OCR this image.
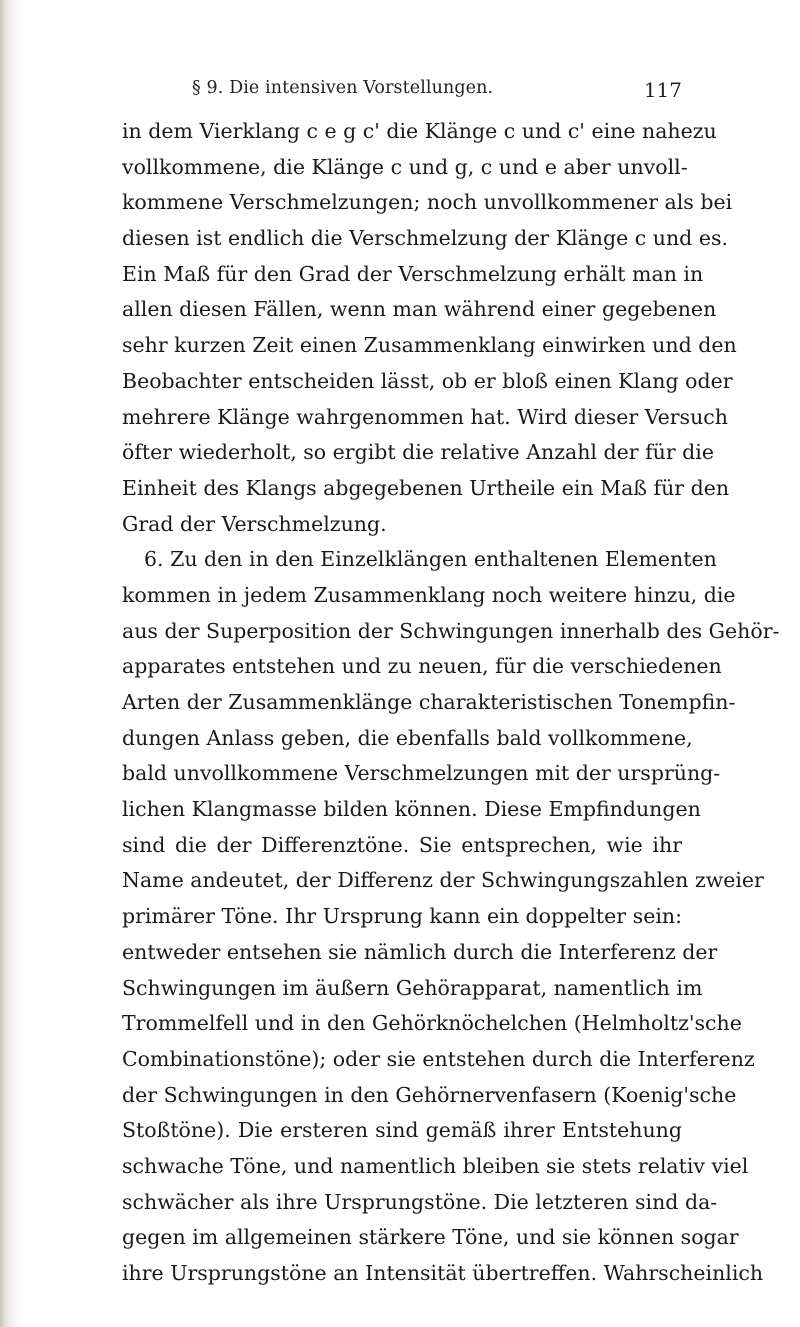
§ 9. Die intensiven Vorstellungen.	117
in dem Vierklang c e g c' die Klänge c und c' eine nahezu
vollkommene, die Klänge c und g, c und e aber unvoll-
kommene Verschmelzungen; noch unvollkommener als bei
diesen ist endlich die Verschmelzung der Klänge c und es.
Ein Maß für den Grad der Verschmelzung erhält man in
allen diesen Fällen, wenn man während einer gegebenen
sehr kurzen Zeit einen Zusammenklang einwirken und den
Beobachter entscheiden lässt, ob er bloß einen Klang oder
mehrere Klänge wahrgenommen hat. Wird dieser Versuch
öfter wiederholt, so ergibt die relative Anzahl der für die
Einheit des Klangs abgegebenen Urtheile ein Maß für den
Grad der Verschmelzung.
6. Zu den in den Einzelklängen enthaltenen Elementen
kommen in jedem Zusammenklang noch weitere hinzu, die
aus der Superposition der Schwingungen innerhalb des Gehör-
apparates entstehen und zu neuen, für die verschiedenen
Arten der Zusammenklänge charakteristischen Tonempfin-
dungen Anlass geben, die ebenfalls bald vollkommene,
bald unvollkommene Verschmelzungen mit der ursprüng-
lichen Klangmasse bilden können. Diese Empfindungen
sind die der Differenztöne. Sie entsprechen, wie ihr
Name andeutet, der Differenz der Schwingungszahlen zweier
primärer Töne. Ihr Ursprung kann ein doppelter sein:
entweder entsehen sie nämlich durch die Interferenz der
Schwingungen im äußern Gehörapparat, namentlich im
Trommelfell und in den Gehörknöchelchen (Helmholtz'sche
Combinationstöne); oder sie entstehen durch die Interferenz
der Schwingungen in den Gehörnervenfasern (Koenig'sche
Stoßtöne). Die ersteren sind gemäß ihrer Entstehung
schwache Töne, und namentlich bleiben sie stets relativ viel
schwächer als ihre Ursprungstöne. Die letzteren sind da-
gegen im allgemeinen stärkere Töne, und sie können sogar
ihre Ursprungstöne an Intensität übertreffen. Wahrscheinlich
